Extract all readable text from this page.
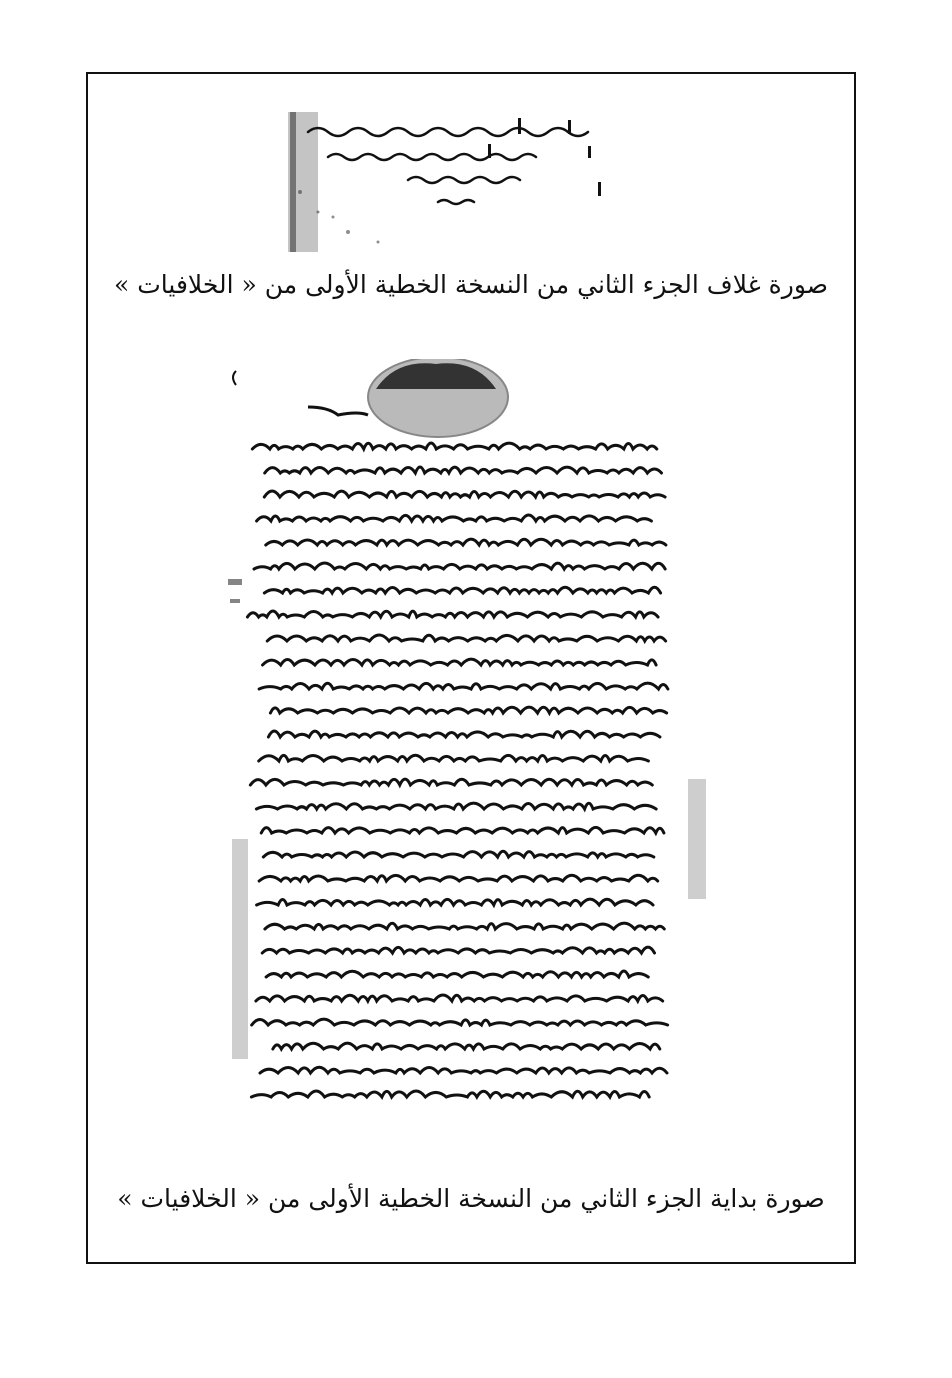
صورة غلاف الجزء الثاني من النسخة الخطية الأولى من « الخلافيات »
صورة بداية الجزء الثاني من النسخة الخطية الأولى من « الخلافيات »
